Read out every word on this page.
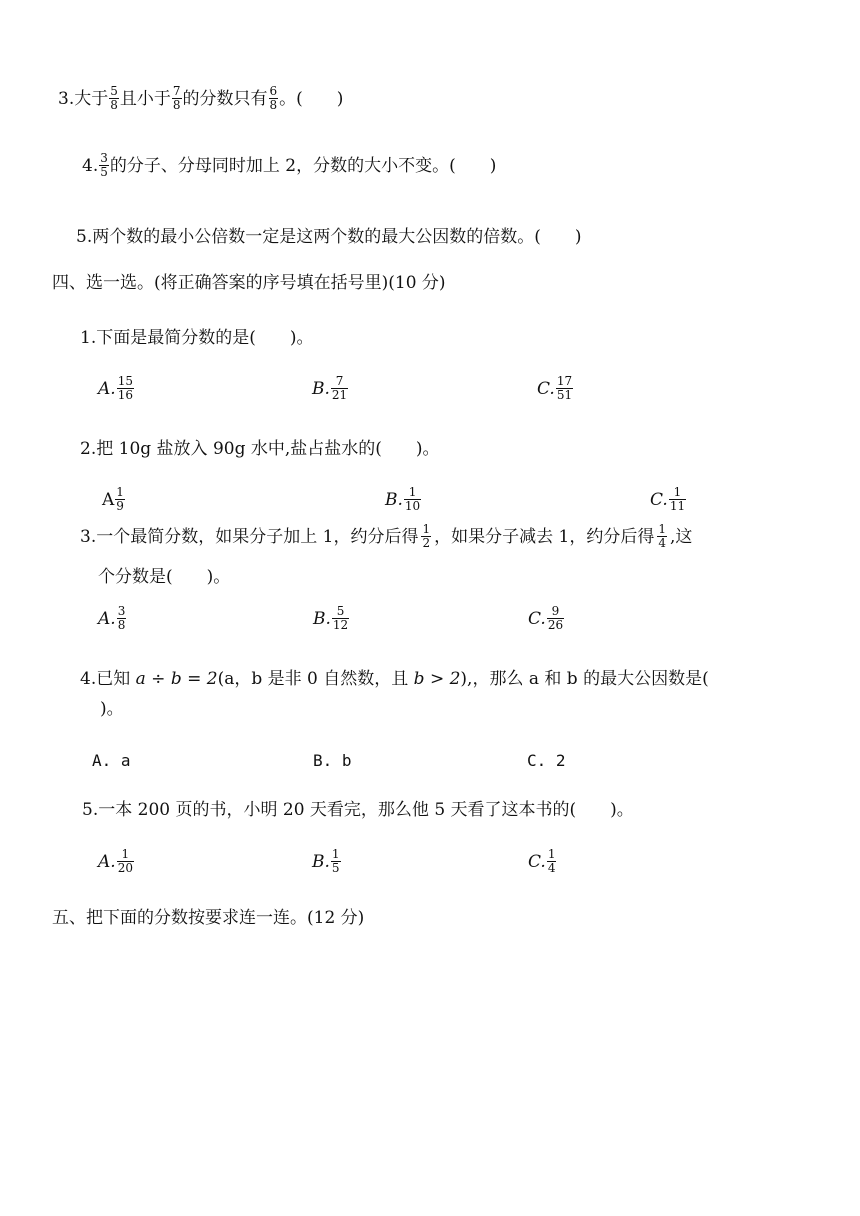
3.大于 $\frac{5}{8}$ 且小于 $\frac{7}{8}$ 的分数只有 $\frac{6}{8}$ 。(　　)
4. $\frac{3}{5}$ 的分子、分母同时加上 2，分数的大小不变。(　　)
5.两个数的最小公倍数一定是这两个数的最大公因数的倍数。(　　)
四、选一选。(将正确答案的序号填在括号里)(10 分)
1.下面是最简分数的是(　　)。
A. $\frac{15}{16}$	B. $\frac{7}{21}$	C. $\frac{17}{51}$
2.把 10g 盐放入 90g 水中,盐占盐水的(　　)。
A $\frac{1}{9}$	B. $\frac{1}{10}$	C. $\frac{1}{11}$
3.一个最简分数，如果分子加上 1，约分后得 $\frac{1}{2}$ ，如果分子减去 1，约分后得 $\frac{1}{4}$ ,这
个分数是(　　)。
A. $\frac{3}{8}$	B. $\frac{5}{12}$	C. $\frac{9}{26}$
4.已知 a ÷ b = 2(a，b 是非 0 自然数，且 b > 2),，那么 a 和 b 的最大公因数是(
)。
A. a	B. b	C. 2
5.一本 200 页的书，小明 20 天看完，那么他 5 天看了这本书的(　　)。
A. $\frac{1}{20}$	B. $\frac{1}{5}$	C. $\frac{1}{4}$
五、把下面的分数按要求连一连。(12 分)
